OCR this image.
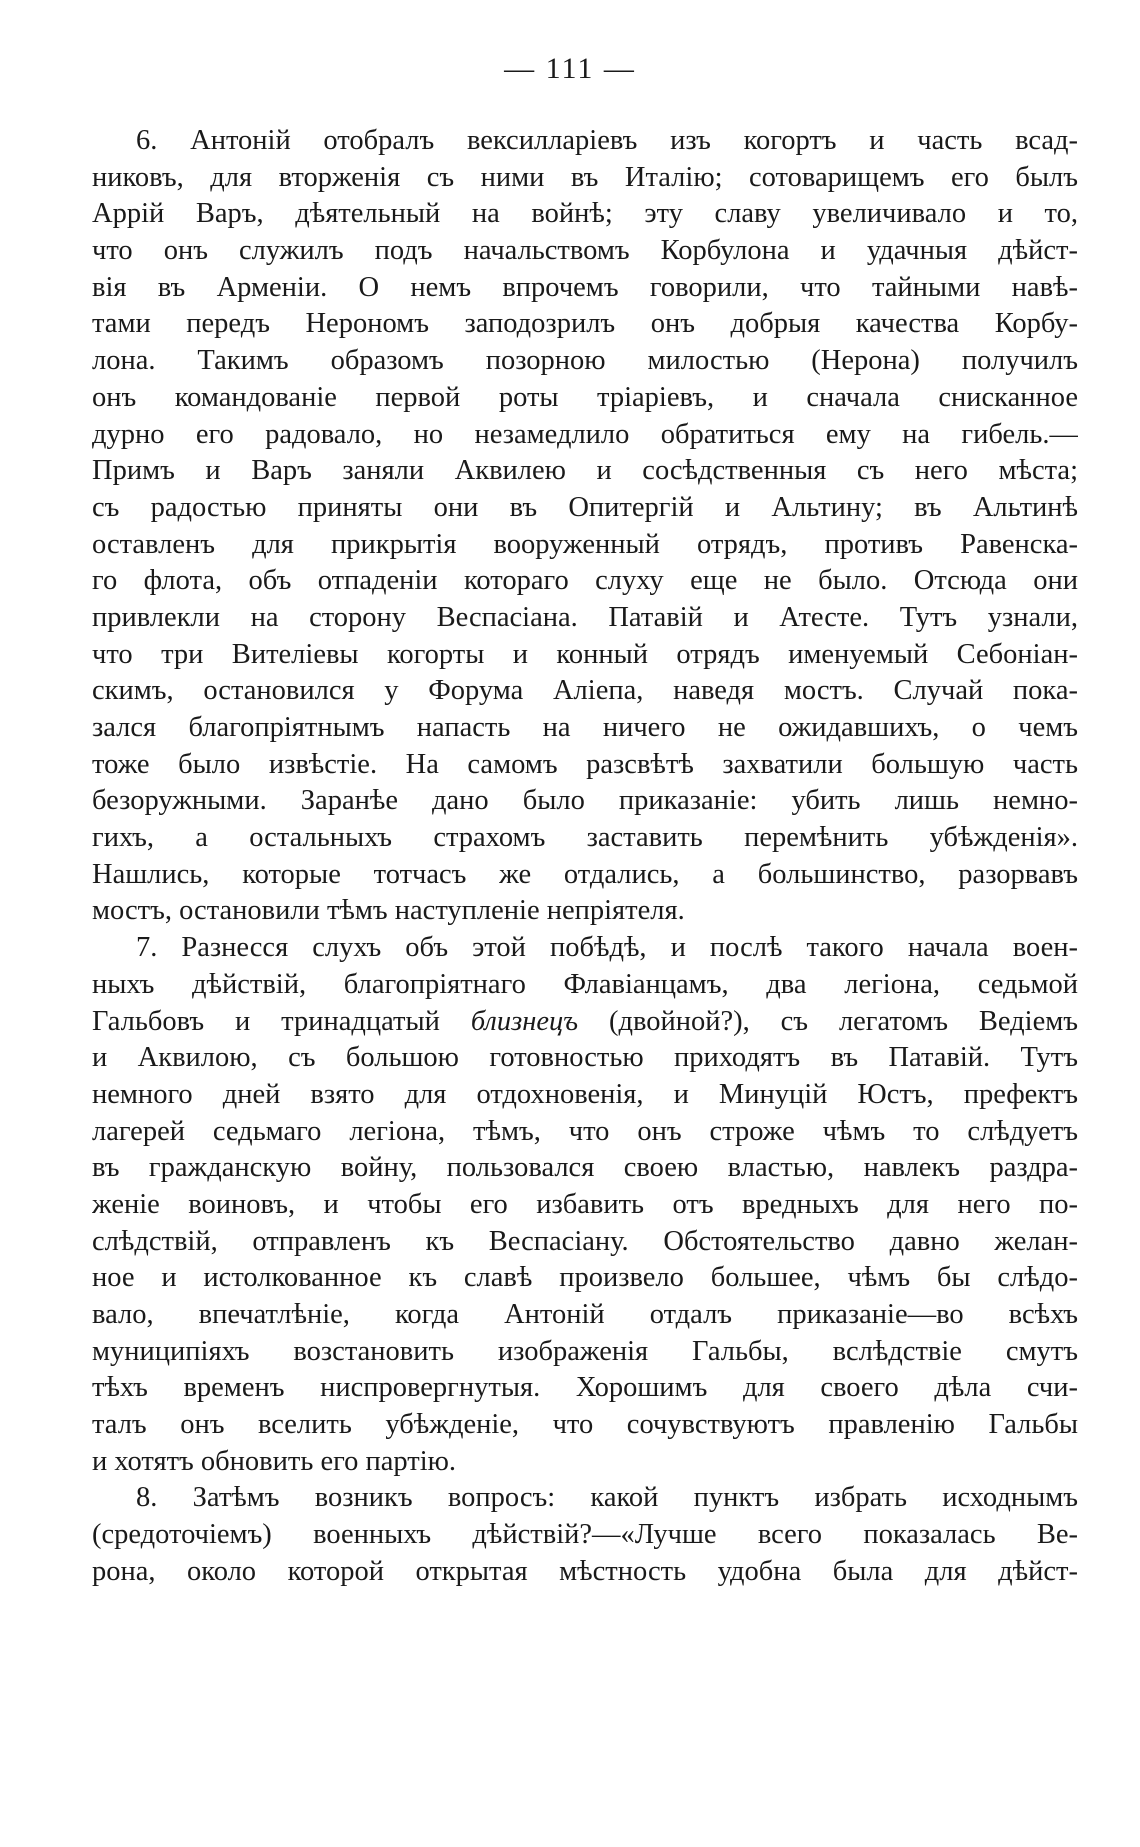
— 111 —
6. Антоній отобралъ вексилларіевъ изъ когортъ и часть всад-
никовъ, для вторженія съ ними въ Италію; сотоварищемъ его былъ
Аррій Варъ, дѣятельный на войнѣ; эту славу увеличивало и то,
что онъ служилъ подъ начальствомъ Корбулона и удачныя дѣйст-
вія въ Арменіи. О немъ впрочемъ говорили, что тайными навѣ-
тами передъ Нерономъ заподозрилъ онъ добрыя качества Корбу-
лона. Такимъ образомъ позорною милостью (Нерона) получилъ
онъ командованіе первой роты тріаріевъ, и сначала снисканное
дурно его радовало, но незамедлило обратиться ему на гибель.—
Примъ и Варъ заняли Аквилею и сосѣдственныя съ него мѣста;
съ радостью приняты они въ Опитергій и Альтину; въ Альтинѣ
оставленъ для прикрытія вооруженный отрядъ, противъ Равенска-
го флота, объ отпаденіи котораго слуху еще не было. Отсюда они
привлекли на сторону Веспасіана. Патавій и Атесте. Тутъ узнали,
что три Вителіевы когорты и конный отрядъ именуемый Себоніан-
скимъ, остановился у Форума Аліепа, наведя мостъ. Случай пока-
зался благопріятнымъ напасть на ничего не ожидавшихъ, о чемъ
тоже было извѣстіе. На самомъ разсвѣтѣ захватили большую часть
безоружными. Заранѣе дано было приказаніе: убить лишь немно-
гихъ, а остальныхъ страхомъ заставить перемѣнить убѣжденія».
Нашлись, которые тотчасъ же отдались, а большинство, разорвавъ
мостъ, остановили тѣмъ наступленіе непріятеля.
7. Разнесся слухъ объ этой побѣдѣ, и послѣ такого начала воен-
ныхъ дѣйствій, благопріятнаго Флавіанцамъ, два легіона, седьмой
Гальбовъ и тринадцатый близнецъ (двойной?), съ легатомъ Ведіемъ
и Аквилою, съ большою готовностью приходятъ въ Патавій. Тутъ
немного дней взято для отдохновенія, и Минуцій Юстъ, префектъ
лагерей седьмаго легіона, тѣмъ, что онъ строже чѣмъ то слѣдуетъ
въ гражданскую войну, пользовался своею властью, навлекъ раздра-
женіе воиновъ, и чтобы его избавить отъ вредныхъ для него по-
слѣдствій, отправленъ къ Веспасіану. Обстоятельство давно желан-
ное и истолкованное къ славѣ произвело большее, чѣмъ бы слѣдо-
вало, впечатлѣніе, когда Антоній отдалъ приказаніе—во всѣхъ
муниципіяхъ возстановить изображенія Гальбы, вслѣдствіе смутъ
тѣхъ временъ ниспровергнутыя. Хорошимъ для своего дѣла счи-
талъ онъ вселить убѣжденіе, что сочувствуютъ правленію Гальбы
и хотятъ обновить его партію.
8. Затѣмъ возникъ вопросъ: какой пунктъ избрать исходнымъ
(средоточіемъ) военныхъ дѣйствій?—«Лучше всего показалась Ве-
рона, около которой открытая мѣстность удобна была для дѣйст-
